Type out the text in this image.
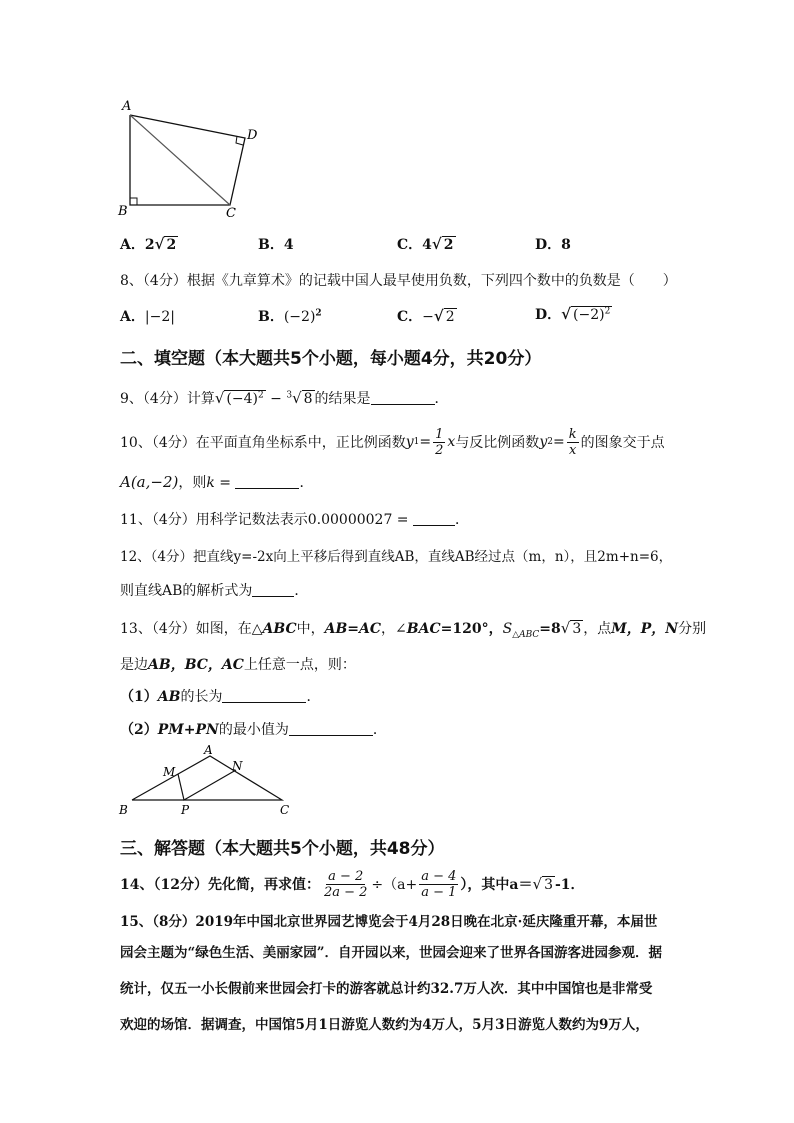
A
B	C
D
A．2√ 2	B．4	C．4√ 2	D．8
8、（4分）根据《九章算术》的记载中国人最早使用负数，下列四个数中的负数是（　　）
A．|−2|	B．$(-2)^2$	C．−√ 2	D．√ $(-2)^2$
二、填空题（本大题共5个小题，每小题4分，共20分）
9、（4分）计算√ $(-4)^2 - ^3√$ 8 的结果是	．
10、（4分）在平面直角坐标系中，正比例函数 y $1 = \frac{1}{2}$ x 与反比例函数 y $2 = \frac{k}{x}$ 的图象交于点
A(a,−2)，则k =	．
11、（4分）用科学记数法表示0.00000027 =	．
12、（4分）把直线y=-2x向上平移后得到直线AB，直线AB经过点（m，n），且2m+n=6，
则直线AB的解析式为	．
13、（4分）如图，在△ABC中，AB=AC，∠BAC=120°，$S_{\triangle ABC}=8√$ 3 ，点M，P，N分别
是边AB，BC，AC上任意一点，则：
（1）AB的长为	．
（2）PM+PN的最小值为	．
A
B	C
M	N
P
三、解答题（本大题共5个小题，共48分）
14、（12分）先化简，再求值： $\frac{a - 2}{2a - 2} \div(a+ \frac{a - 4}{a - 1}$ ），其中a＝ √ 3 -1．
15、（8分）2019年中国北京世界园艺博览会于4月28日晚在北京·延庆隆重开幕，本届世
园会主题为“绿色生活、美丽家园”．自开园以来，世园会迎来了世界各国游客进园参观．据
统计，仅五一小长假前来世园会打卡的游客就总计约32.7万人次．其中中国馆也是非常受
欢迎的场馆．据调查，中国馆5月1日游览人数约为4万人，5月3日游览人数约为9万人，
